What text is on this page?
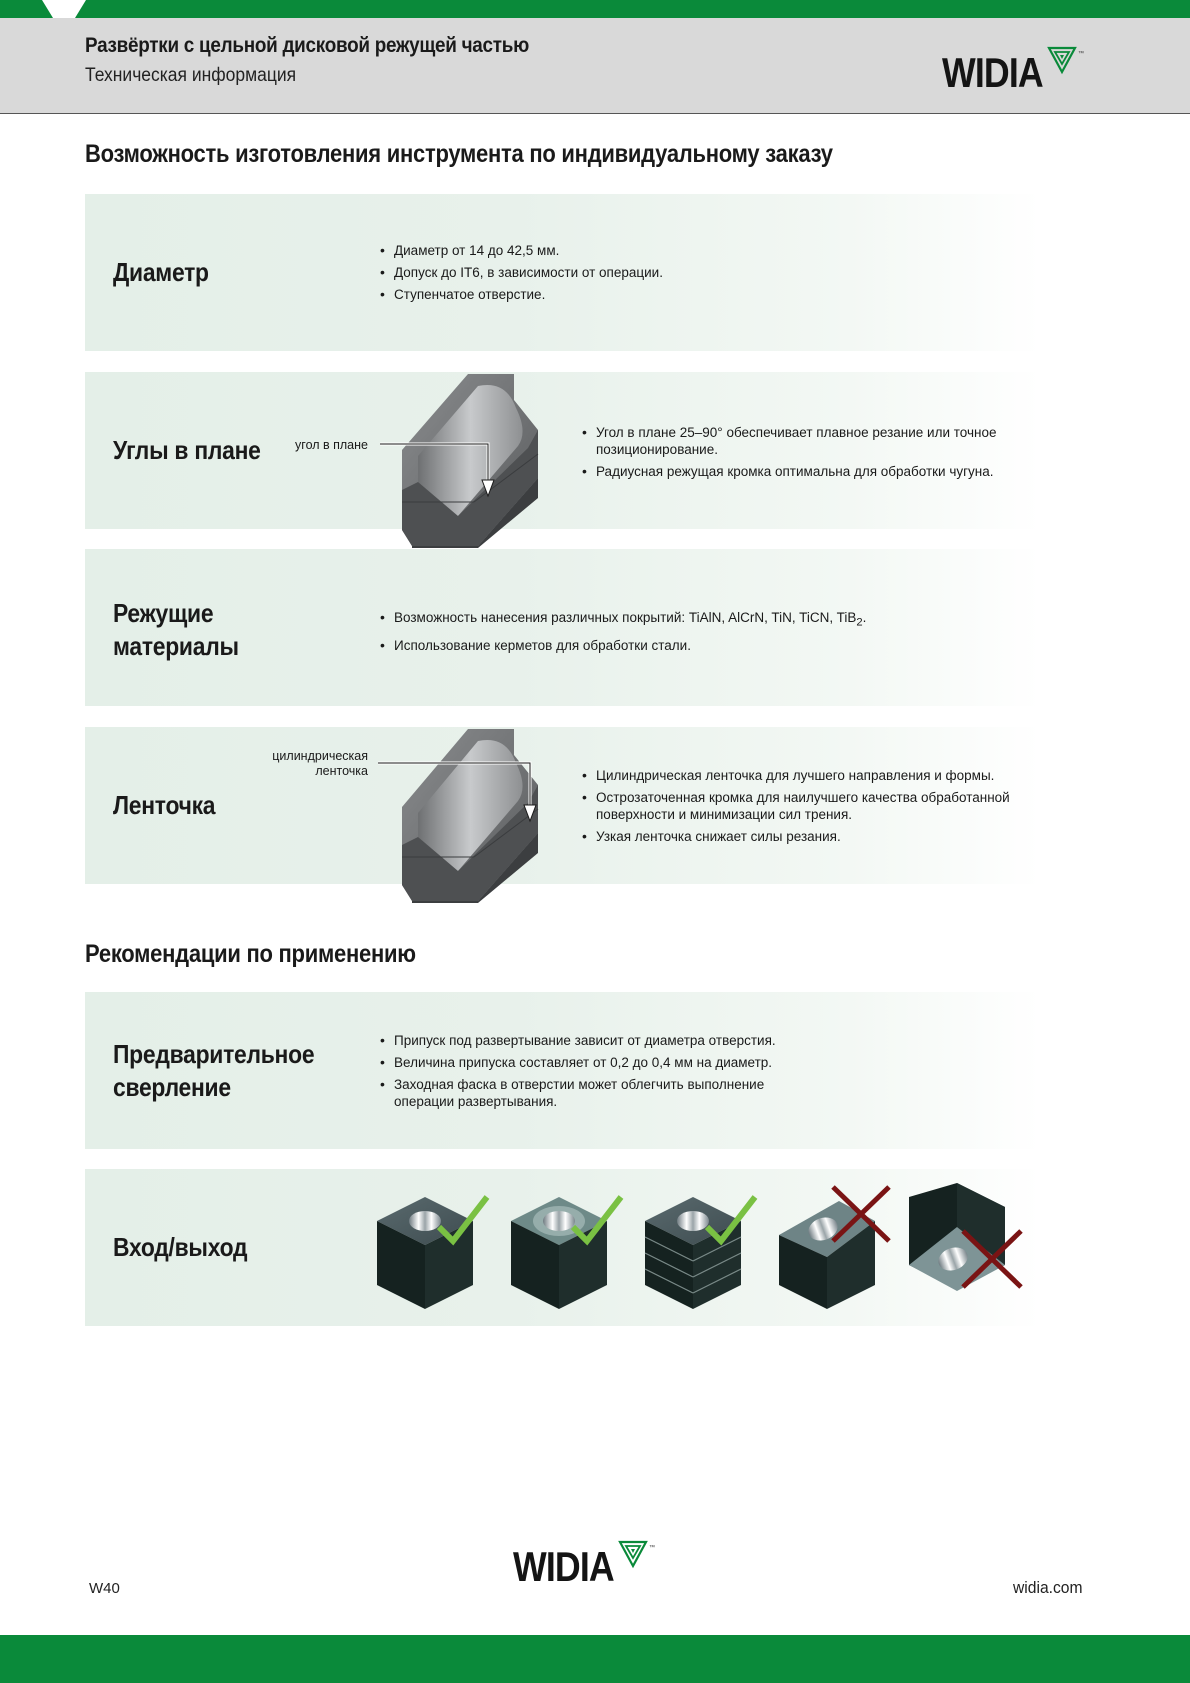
Развёртки с цельной дисковой режущей частью
Техническая информация	WIDIA	™
Возможность изготовления инструмента по индивидуальному заказу
Диаметр
• Диаметр от 14 до 42,5 мм.
• Допуск до IT6, в зависимости от операции.
• Ступенчатое отверстие.
Углы в плане	угол в плане
• Угол в плане 25–90° обеспечивает плавное резание или точное позиционирование.
• Радиусная режущая кромка оптимальна для обработки чугуна.
Режущие
материалы
• Возможность нанесения различных покрытий: TiAlN, AlCrN, TiN, TiCN, TiB$_2$.
• Использование керметов для обработки стали.
Ленточка
цилиндрическая
ленточка
•	Цилиндрическая ленточка для лучшего направления и формы.
• Острозаточенная кромка для наилучшего качества обработанной поверхности и минимизации сил трения.
• Узкая ленточка снижает силы резания.
Рекомендации по применению
Предварительное
сверление
• Припуск под развертывание зависит от диаметра отверстия.
• Величина припуска составляет от 0,2 до 0,4 мм на диаметр.
• Заходная фаска в отверстии может облегчить выполнение операции развертывания.
Вход/выход
W40	WIDIA	™
widia.com
